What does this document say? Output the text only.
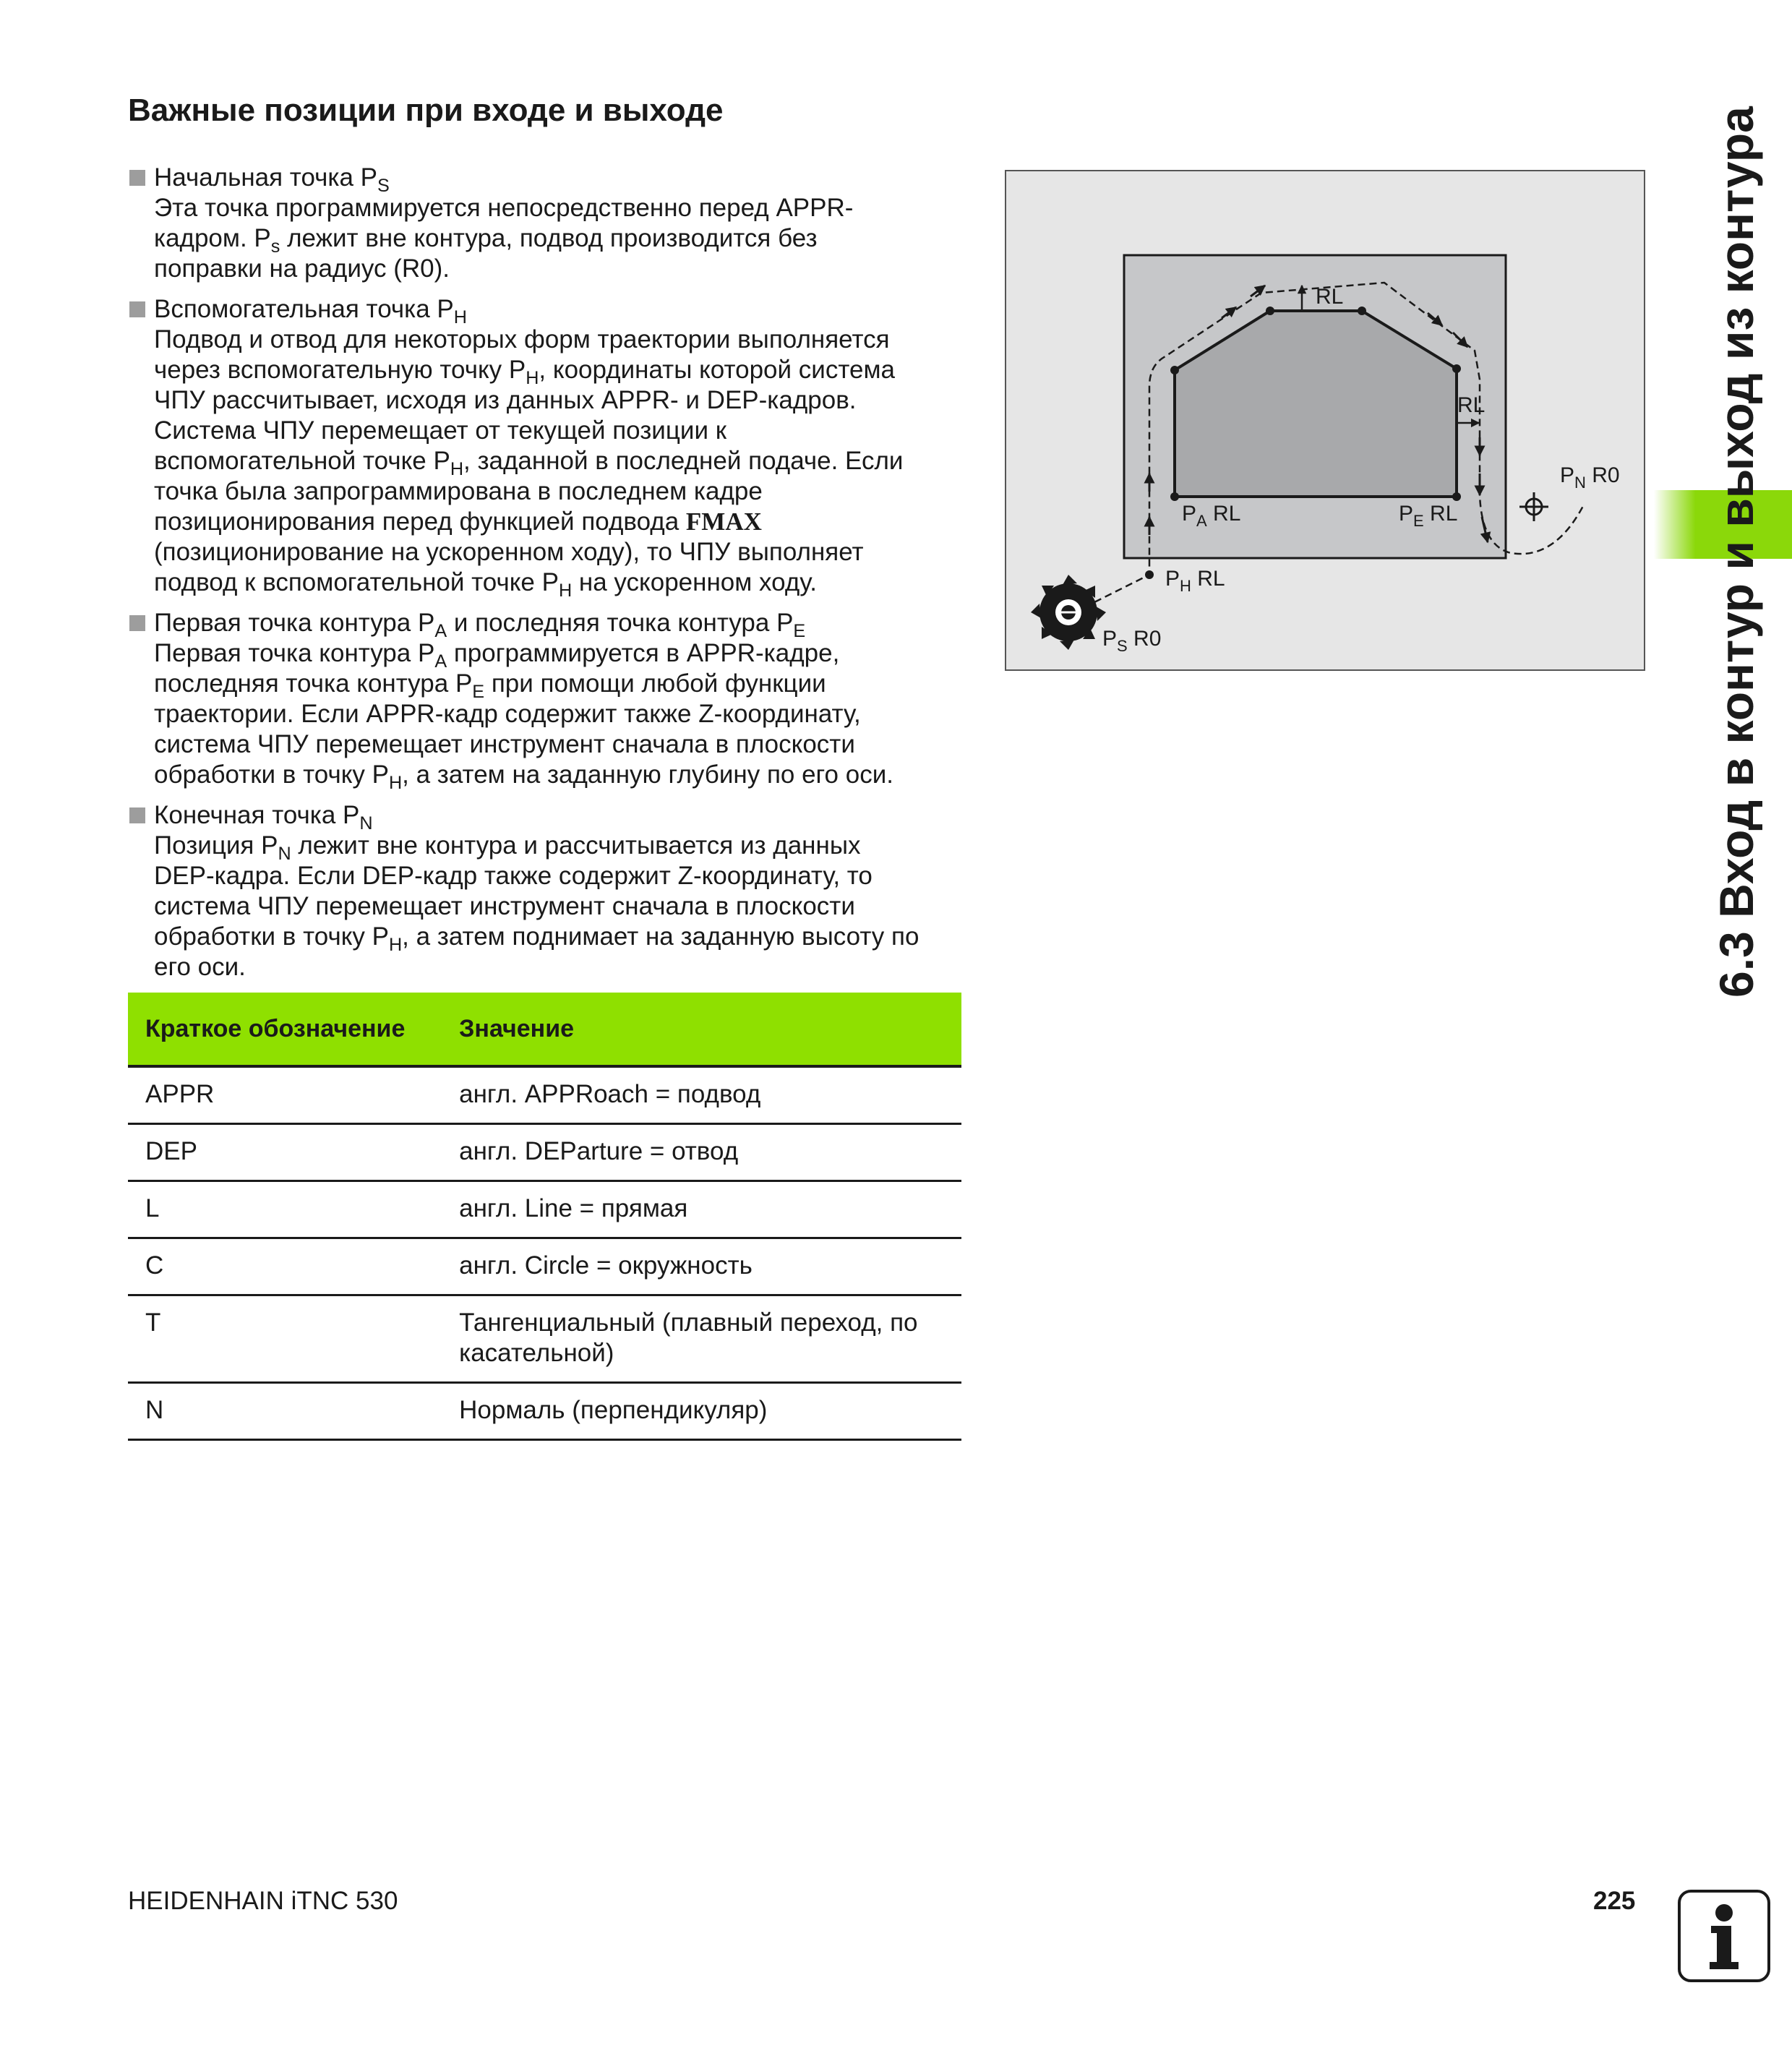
Важные позиции при входе и выходе
Начальная точка $P_S$
Эта точка программируется непосредственно перед APPR-
кадром. $P_s$ лежит вне контура, подвод производится без
поправки на радиус (R0).
Вспомогательная точка $P_H$
Подвод и отвод для некоторых форм траектории выполняется
через вспомогательную точку $P_H$, координаты которой система
ЧПУ рассчитывает, исходя из данных APPR- и DEP-кадров.
Система ЧПУ перемещает от текущей позиции к
вспомогательной точке $P_H$, заданной в последней подаче. Если
точка была запрограммирована в последнем кадре
позиционирования перед функцией подвода FMAX
(позиционирование на ускоренном ходу), то ЧПУ выполняет
подвод к вспомогательной точке $P_H$ на ускоренном ходу.
Первая точка контура $P_A$ и последняя точка контура $P_E$
Первая точка контура $P_A$ программируется в APPR-кадре,
последняя точка контура $P_E$ при помощи любой функции
траектории. Если APPR-кадр содержит также Z-координату,
система ЧПУ перемещает инструмент сначала в плоскости
обработки в точку $P_H$, а затем на заданную глубину по его оси.
Конечная точка $P_N$
Позиция $P_N$ лежит вне контура и рассчитывается из данных
DEP-кадра. Если DEP-кадр также содержит Z-координату, то
система ЧПУ перемещает инструмент сначала в плоскости
обработки в точку $P_H$, а затем поднимает на заданную высоту по
его оси.
Краткое обозначение	Значение
APPR	англ. APPRoach = подвод
DEP	англ. DEParture = отвод
L	англ. Line = прямая
C	англ. Circle = окружность
T	Тангенциальный (плавный переход, по касательной)
N	Нормаль (перпендикуляр)
RL
RL
$P_A$ RL	$P_E$ RL
$P_H$ RL
$P_S$ R0
$P_N$ R0 6.3 Вход в контур и выход из контура
HEIDENHAIN iTNC 530	225
